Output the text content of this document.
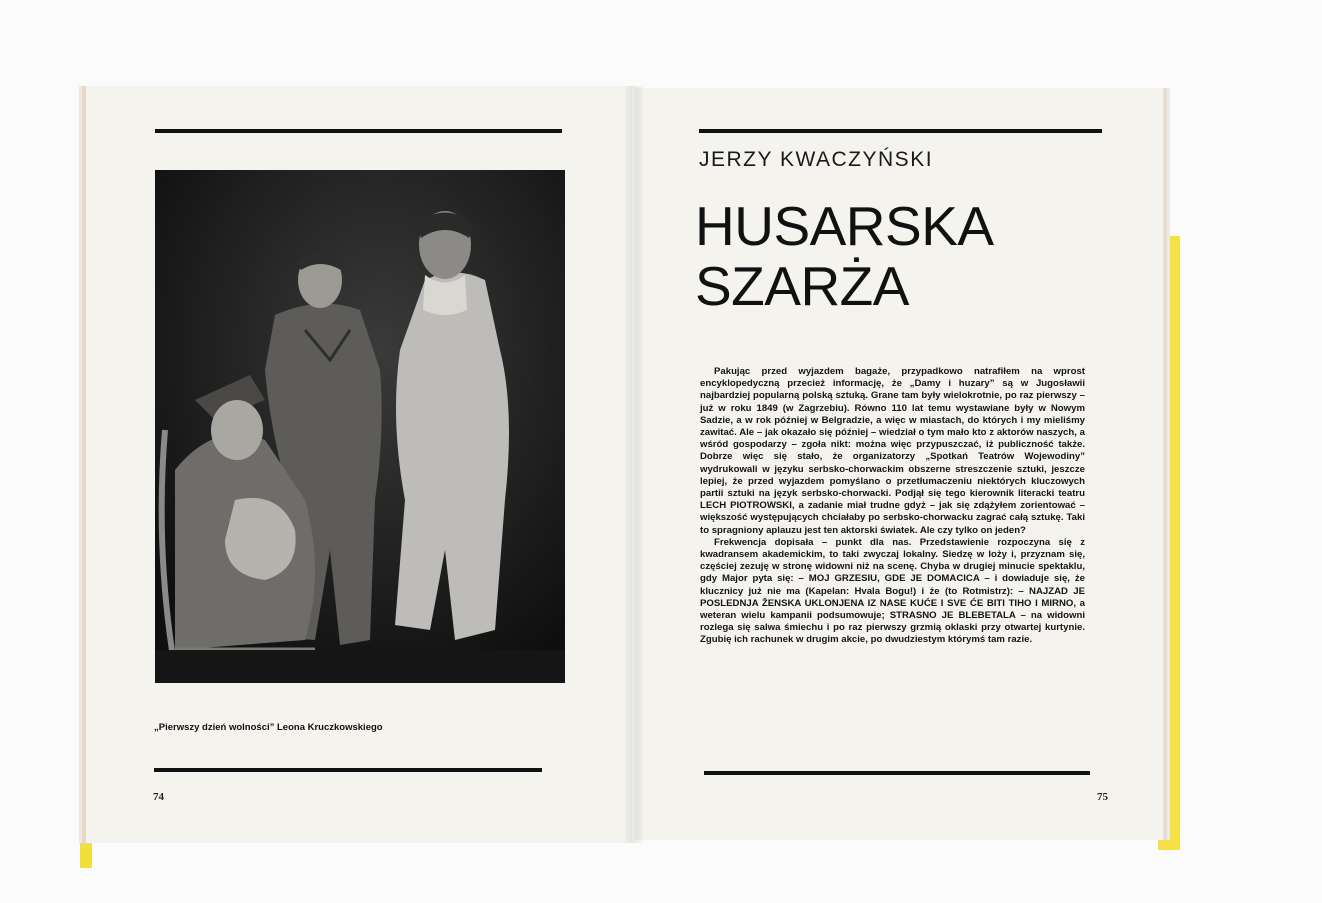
„Pierwszy dzień wolności” Leona Kruczkowskiego
74
JERZY KWACZYŃSKI
HUSARSKA
SZARŻA

Pakując przed wyjazdem bagaże, przypadkowo natrafiłem na wprost encyklopedyczną przecież informację, że „Damy i huzary” są w Jugosławii najbardziej popularną polską sztuką. Grane tam były wielokrotnie, po raz pierwszy – już w roku 1849 (w Zagrzebiu). Równo 110 lat temu wystawiane były w Nowym Sadzie, a w rok później w Belgradzie, a więc w miastach, do których i my mieliśmy zawitać. Ale – jak okazało się później – wiedział o tym mało kto z aktorów naszych, a wśród gospodarzy – zgoła nikt: można więc przypuszczać, iż publiczność także. Dobrze więc się stało, że organizatorzy „Spotkań Teatrów Wojewodiny” wydrukowali w języku serbsko-chorwackim obszerne streszczenie sztuki, jeszcze lepiej, że przed wyjazdem pomyślano o przetłumaczeniu niektórych kluczowych partii sztuki na język serbsko-chorwacki. Podjął się tego kierownik literacki teatru LECH PIOTROWSKI, a zadanie miał trudne gdyż – jak się zdążyłem zorientować – większość występujących chciałaby po serbsko-chorwacku zagrać całą sztukę. Taki to spragniony aplauzu jest ten aktorski światek. Ale czy tylko on jeden?

Frekwencja dopisała – punkt dla nas. Przedstawienie rozpoczyna się z kwadransem akademickim, to taki zwyczaj lokalny. Siedzę w loży i, przyznam się, częściej zezuję w stronę widowni niż na scenę. Chyba w drugiej minucie spektaklu, gdy Major pyta się: – MOJ GRZESIU, GDE JE DOMACICA – i dowiaduje się, że klucznicy już nie ma (Kapelan: Hvala Bogu!) i że (to Rotmistrz): – NAJZAD JE POSLEDNJA ŽENSKA UKLONJENA IZ NASE KUĆE I SVE ĆE BITI TIHO I MIRNO, a weteran wielu kampanii podsumowuje; STRASNO JE BLEBETALA – na widowni rozlega się salwa śmiechu i po raz pierwszy grzmią oklaski przy otwartej kurtynie. Zgubię ich rachunek w drugim akcie, po dwudziestym którymś tam razie.

75
